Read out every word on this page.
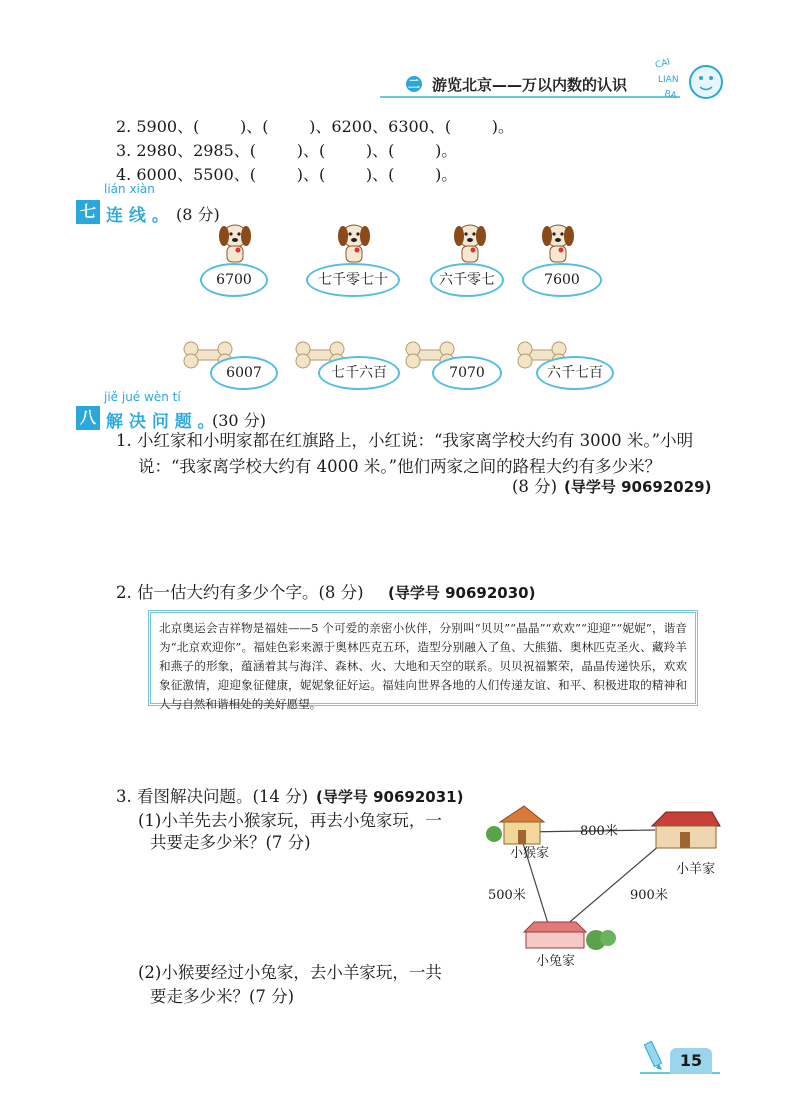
二 游览北京——万以内数的认识
CAI
LIAN
BA
2. 5900、(        )、(        )、6200、6300、(        )。
3. 2980、2985、(        )、(        )、(        )。
4. 6000、5500、(        )、(        )、(        )。
lián xiàn
七 连 线 。 (8 分)
6700	七千零七十	六千零七	7600
6007	七千六百	7070	六千七百
jiě jué wèn tí
八 解 决 问 题 。
(30 分)
1. 小红家和小明家都在红旗路上，小红说：“我家离学校大约有 3000 米。”小明
说：“我家离学校大约有 4000 米。”他们两家之间的路程大约有多少米？
(8 分) (导学号 90692029)
2. 估一估大约有多少个字。(8 分) (导学号 90692030)
北京奥运会吉祥物是福娃——5 个可爱的亲密小伙伴，分别叫“贝贝”“晶晶”“欢欢”“迎迎”“妮妮”，谐音为“北京欢迎你”。福娃色彩来源于奥林匹克五环，造型分别融入了鱼、大熊猫、奥林匹克圣火、藏羚羊和燕子的形象，蕴涵着其与海洋、森林、火、大地和天空的联系。贝贝祝福繁荣，晶晶传递快乐，欢欢象征激情，迎迎象征健康，妮妮象征好运。福娃向世界各地的人们传递友谊、和平、积极进取的精神和人与自然和谐相处的美好愿望。
3. 看图解决问题。(14 分) (导学号 90692031)
(1)小羊先去小猴家玩，再去小兔家玩，一
共要走多少米？(7 分)
(2)小猴要经过小兔家，去小羊家玩，一共
要走多少米？(7 分)
800米
小猴家
小羊家
500米	900米
小兔家
15
